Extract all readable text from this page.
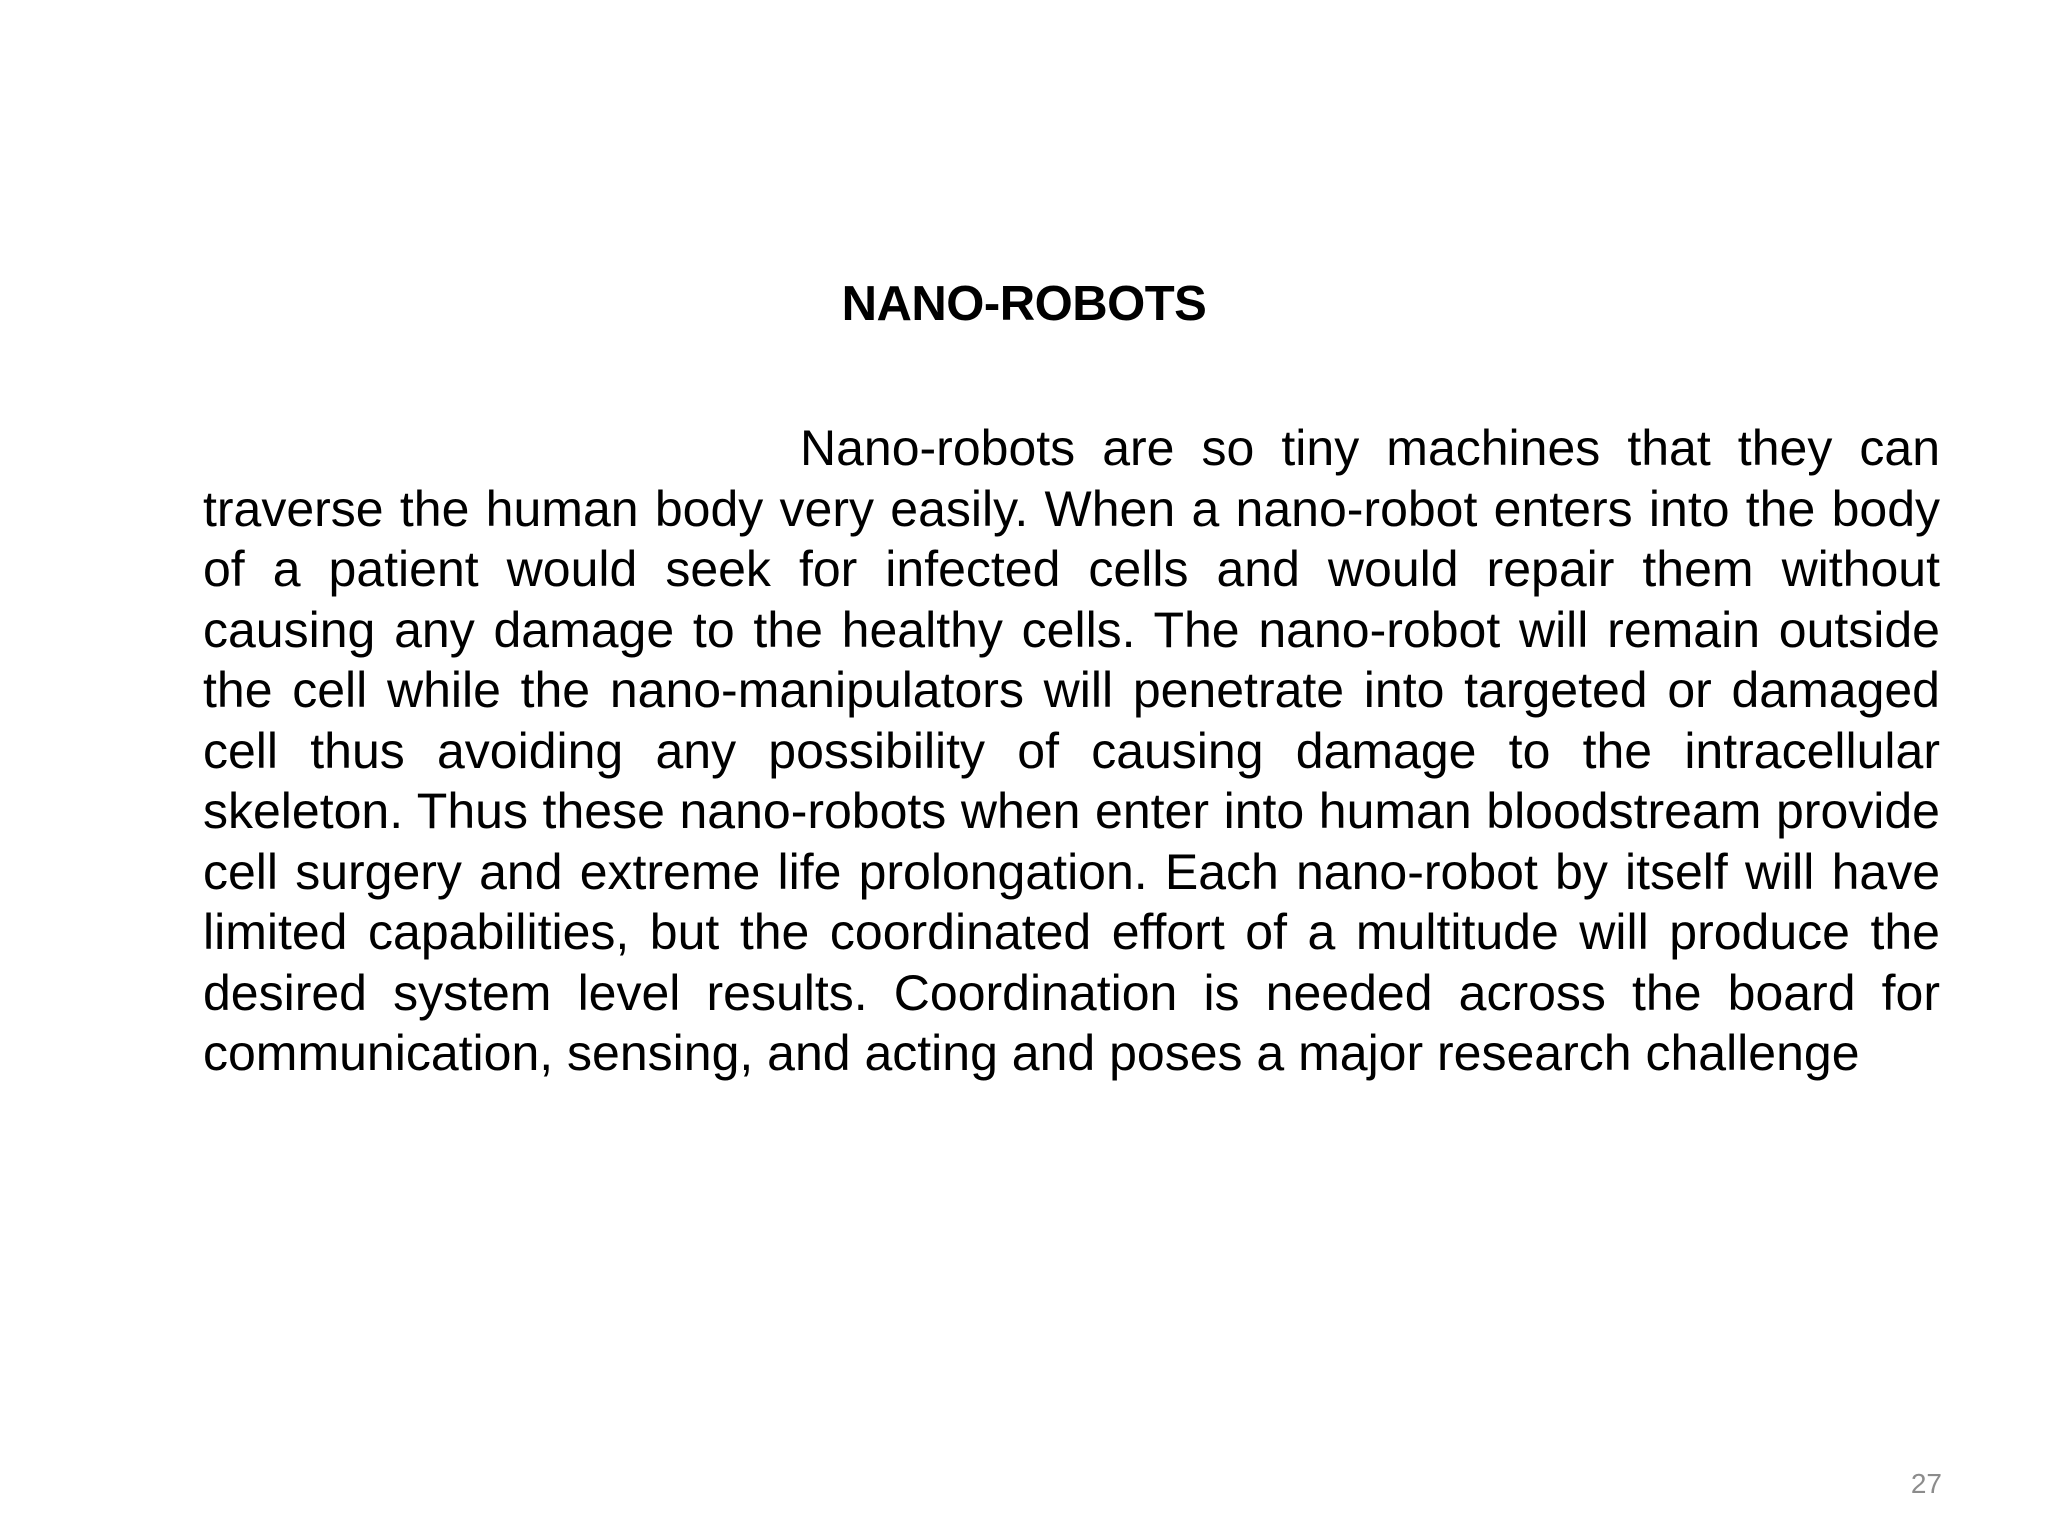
NANO-ROBOTS

Nano-robots are so tiny machines that they can traverse the human body very easily. When a nano-robot enters into the body of a patient would seek for infected cells and would repair them without causing any damage to the healthy cells. The nano-robot will remain outside the cell while the nano-manipulators will penetrate into targeted or damaged cell thus avoiding any possibility of causing damage to the intracellular skeleton. Thus these nano-robots when enter into human bloodstream provide cell surgery and extreme life prolongation. Each nano-robot by itself will have limited capabilities, but the coordinated effort of a multitude will produce the desired system level results. Coordination is needed across the board for communication, sensing, and acting and poses a major research challenge

27
